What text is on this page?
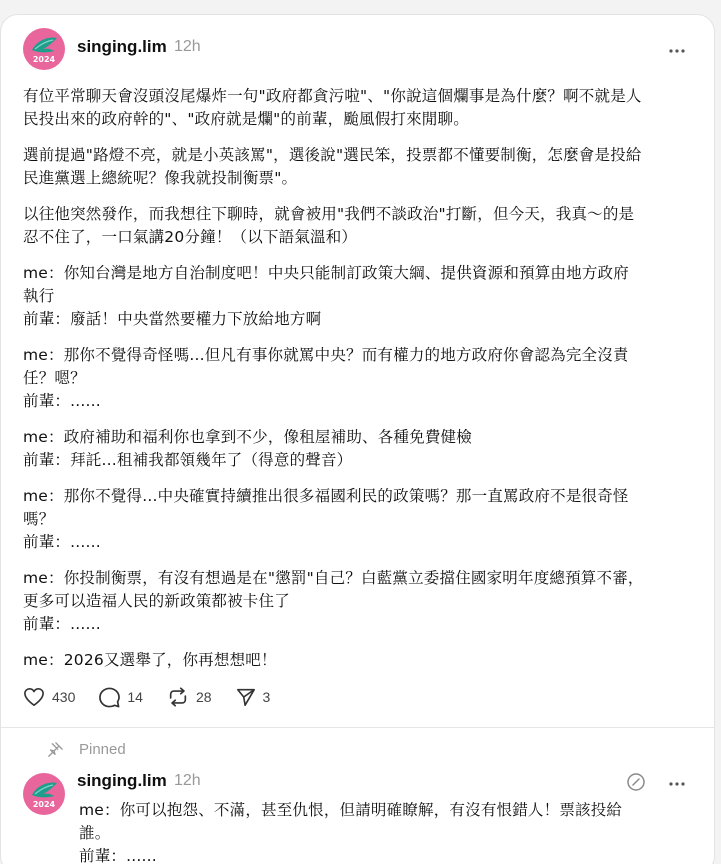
2024
singing.lim 12h

有位平常聊天會沒頭沒尾爆炸一句"政府都貪污啦"、"你說這個爛事是為什麼？啊不就是人
民投出來的政府幹的"、"政府就是爛"的前輩，颱風假打來閒聊。

選前提過"路燈不亮，就是小英該罵"，選後說"選民笨，投票都不懂要制衡，怎麼會是投給
民進黨選上總統呢？像我就投制衡票"。

以往他突然發作，而我想往下聊時，就會被用"我們不談政治"打斷，但今天，我真～的是
忍不住了，一口氣講20分鐘！（以下語氣溫和）

me：你知台灣是地方自治制度吧！中央只能制訂政策大綱、提供資源和預算由地方政府
執行
前輩：廢話！中央當然要權力下放給地方啊

me：那你不覺得奇怪嗎...但凡有事你就罵中央？而有權力的地方政府你會認為完全沒責
任？嗯？
前輩：......

me：政府補助和福利你也拿到不少，像租屋補助、各種免費健檢
前輩：拜託...租補我都領幾年了（得意的聲音）

me：那你不覺得...中央確實持續推出很多福國利民的政策嗎？那一直罵政府不是很奇怪
嗎？
前輩：......

me：你投制衡票，有沒有想過是在"懲罰"自己？白藍黨立委擋住國家明年度總預算不審，
更多可以造福人民的新政策都被卡住了
前輩：......

me：2026又選舉了，你再想想吧！

430	14	28	3
Pinned
2024
singing.lim 12h

me：你可以抱怨、不滿，甚至仇恨，但請明確瞭解，有沒有恨錯人！票該投給
誰。
前輩：......
